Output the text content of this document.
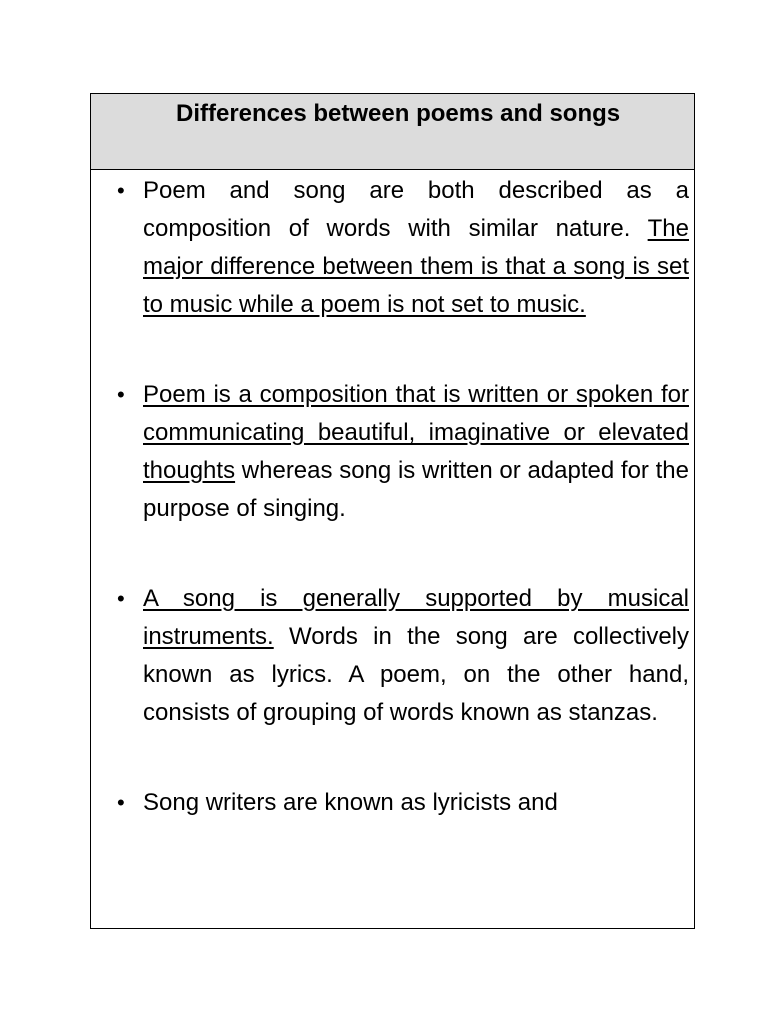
Differences between poems and songs
• Poem and song are both described as a composition of words with similar nature. The major difference between them is that a song is set to music while a poem is not set to music.
• Poem is a composition that is written or spoken for communicating beautiful, imaginative or elevated thoughts whereas song is written or adapted for the purpose of singing.
• A song is generally supported by musical instruments. Words in the song are collectively known as lyrics. A poem, on the other hand, consists of grouping of words known as stanzas.
• Song writers are known as lyricists and
